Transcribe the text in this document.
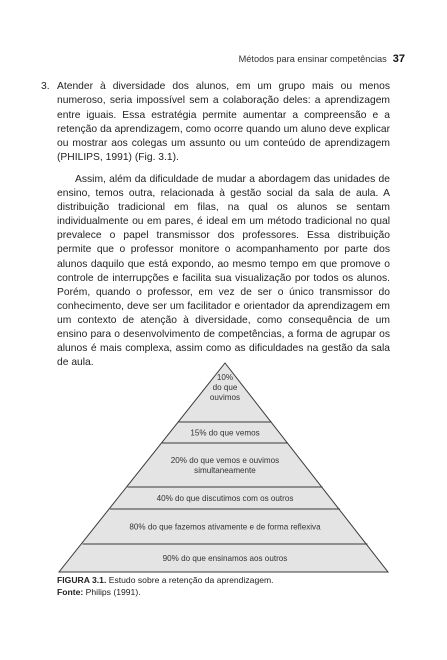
Métodos para ensinar competências 37
3. Atender à diversidade dos alunos, em um grupo mais ou menos numeroso, seria impossível sem a colaboração deles: a aprendizagem entre iguais. Essa estratégia permite aumentar a compreensão e a retenção da aprendizagem, como ocorre quando um aluno deve explicar ou mostrar aos colegas um assunto ou um conteúdo de aprendizagem (PHILIPS, 1991) (Fig. 3.1).
Assim, além da dificuldade de mudar a abordagem das unidades de ensino, temos outra, relacionada à gestão social da sala de aula. A distribuição tradicional em filas, na qual os alunos se sentam individualmente ou em pares, é ideal em um método tradicional no qual prevalece o papel transmissor dos professores. Essa distribuição permite que o professor monitore o acompanhamento por parte dos alunos daquilo que está expondo, ao mesmo tempo em que promove o controle de interrupções e facilita sua visualização por todos os alunos. Porém, quando o professor, em vez de ser o único transmissor do conhecimento, deve ser um facilitador e orientador da aprendizagem em um contexto de atenção à diversidade, como consequência de um ensino para o desenvolvimento de competências, a forma de agrupar os alunos é mais complexa, assim como as dificuldades na gestão da sala de aula.
10%
do que
ouvimos
15% do que vemos
20% do que vemos e ouvimos
simultaneamente
40% do que discutimos com os outros
80% do que fazemos ativamente e de forma reflexiva
90% do que ensinamos aos outros
FIGURA 3.1. Estudo sobre a retenção da aprendizagem.
Fonte: Philips (1991).
